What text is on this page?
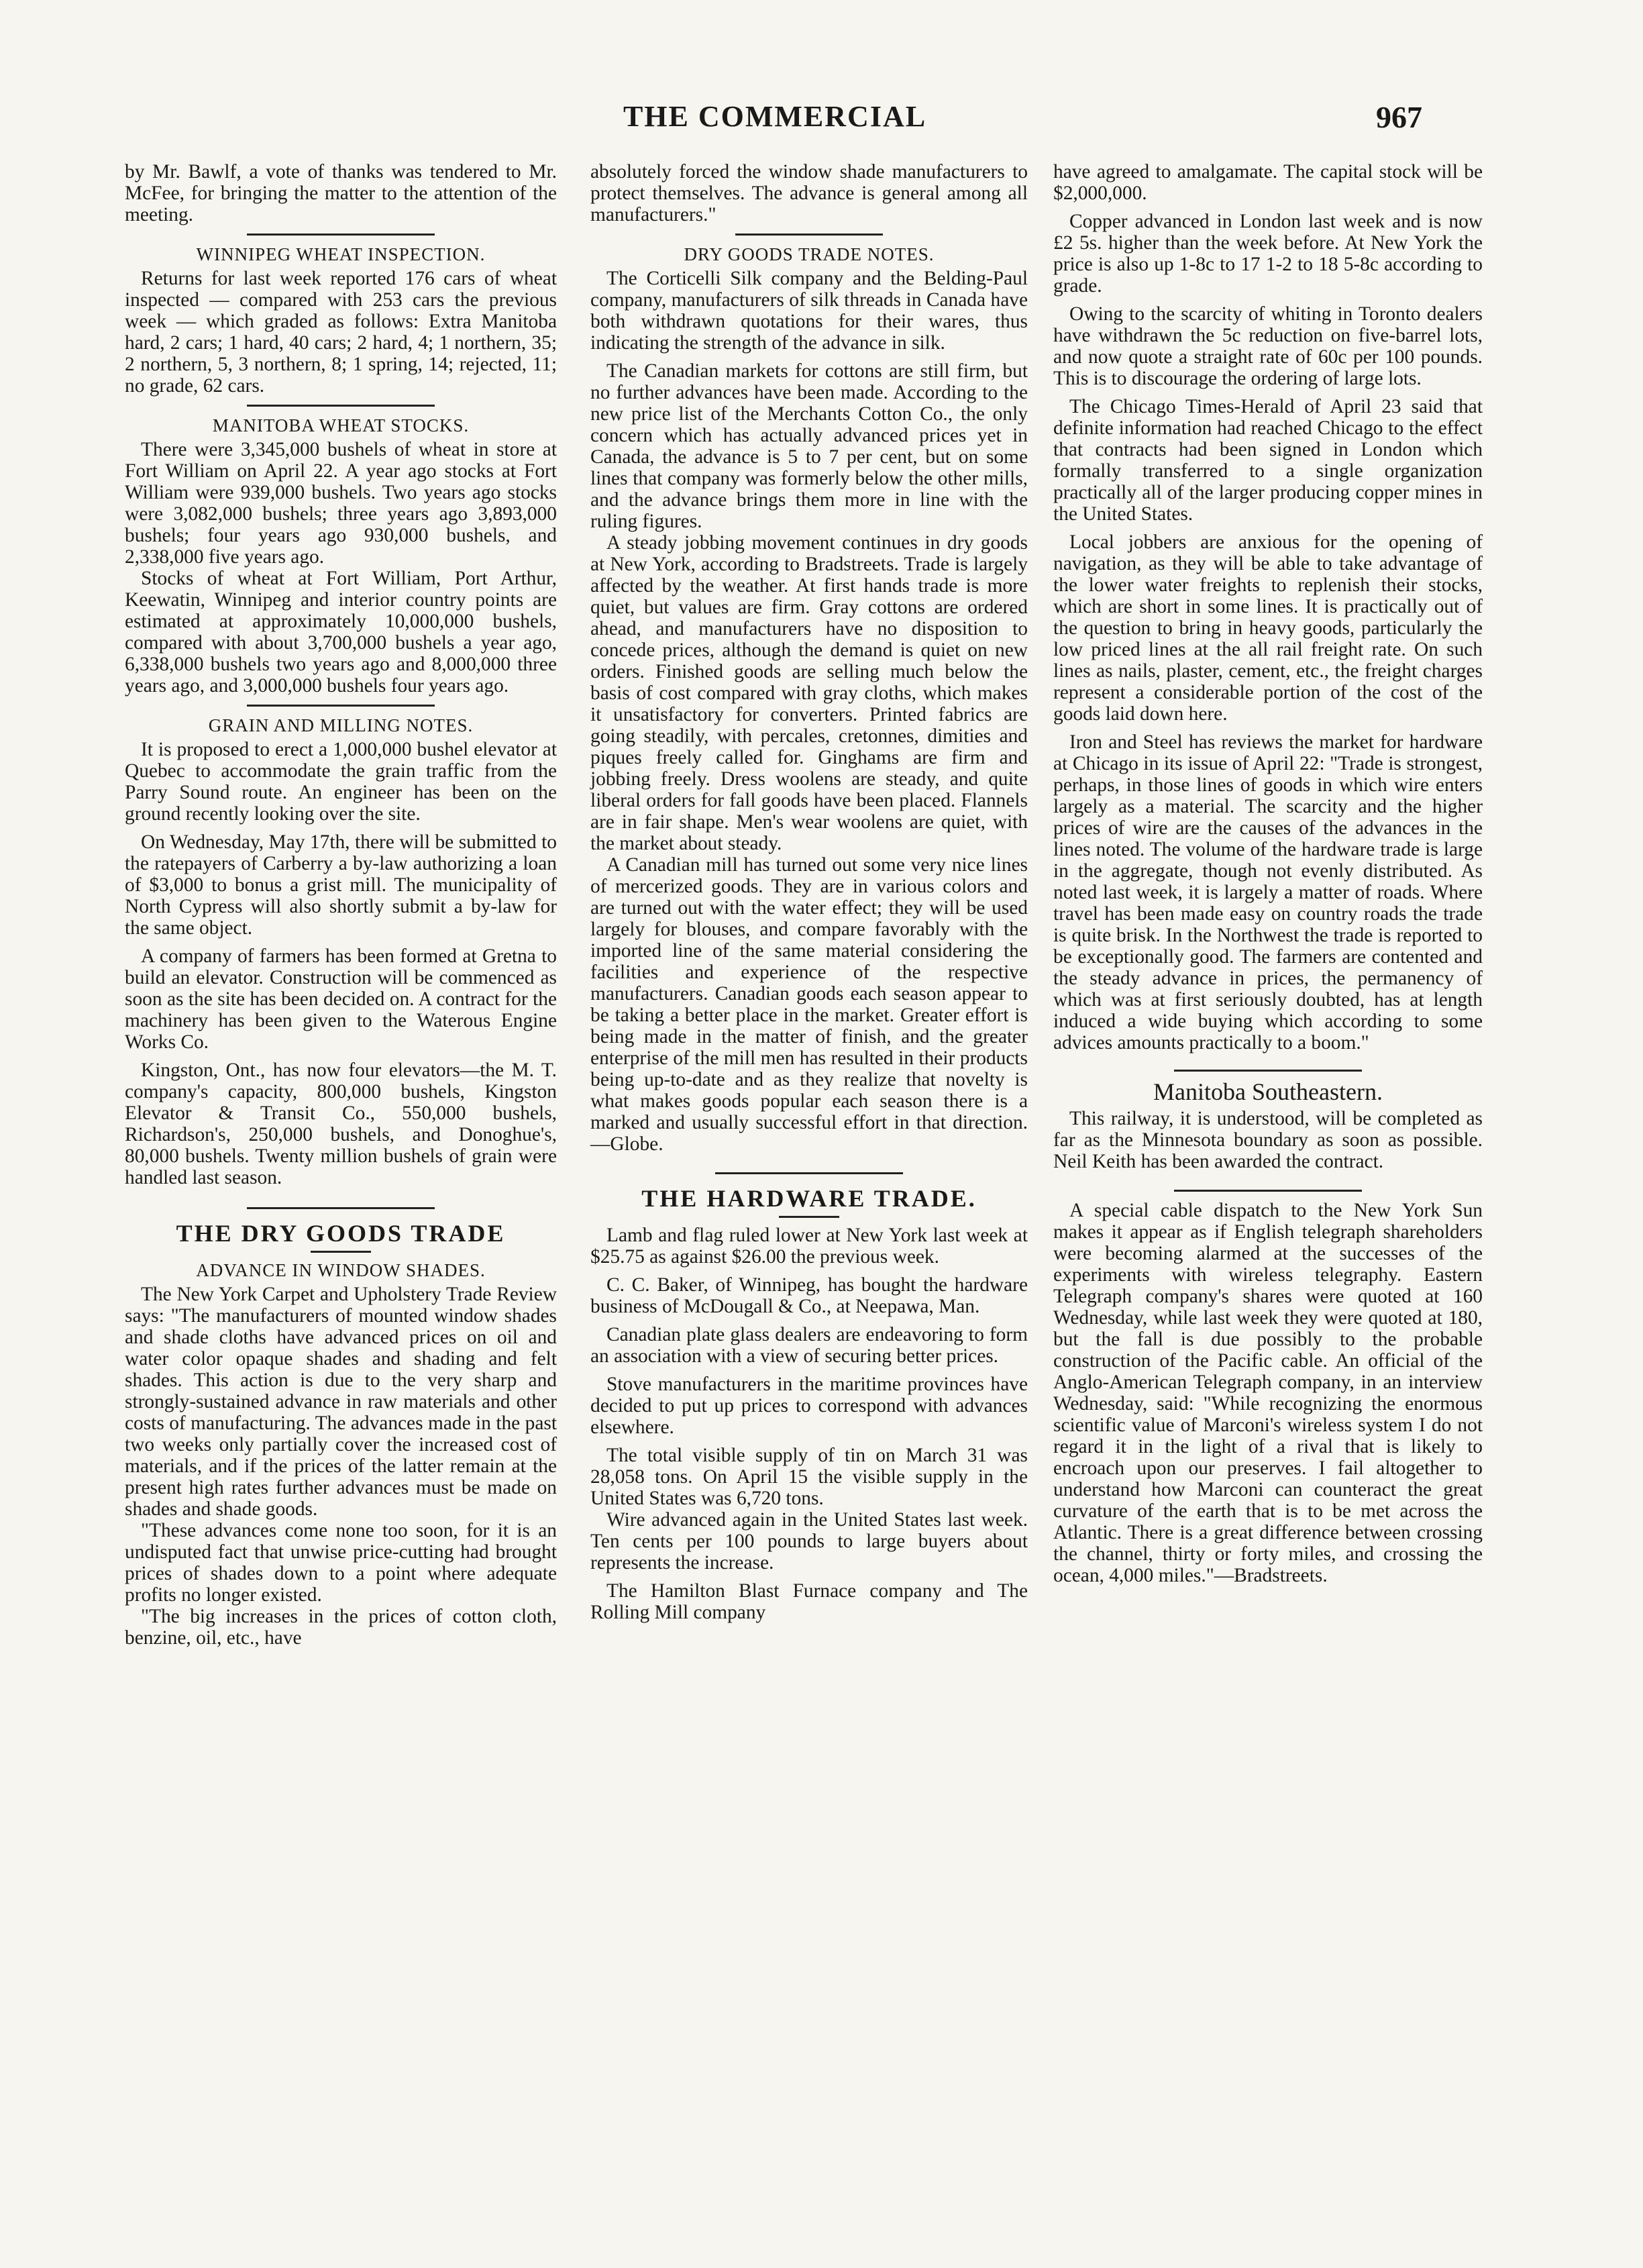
THE COMMERCIAL	967

by Mr. Bawlf, a vote of thanks was tendered to Mr. McFee, for bringing the matter to the attention of the meeting.

WINNIPEG WHEAT INSPECTION.

Returns for last week reported 176 cars of wheat inspected — compared with 253 cars the previous week — which graded as follows: Extra Manitoba hard, 2 cars; 1 hard, 40 cars; 2 hard, 4; 1 northern, 35; 2 northern, 5, 3 northern, 8; 1 spring, 14; rejected, 11; no grade, 62 cars.

MANITOBA WHEAT STOCKS.

There were 3,345,000 bushels of wheat in store at Fort William on April 22. A year ago stocks at Fort William were 939,000 bushels. Two years ago stocks were 3,082,000 bushels; three years ago 3,893,000 bushels; four years ago 930,000 bushels, and 2,338,000 five years ago.

Stocks of wheat at Fort William, Port Arthur, Keewatin, Winnipeg and interior country points are estimated at approximately 10,000,000 bushels, compared with about 3,700,000 bushels a year ago, 6,338,000 bushels two years ago and 8,000,000 three years ago, and 3,000,000 bushels four years ago.

GRAIN AND MILLING NOTES.

It is proposed to erect a 1,000,000 bushel elevator at Quebec to accommodate the grain traffic from the Parry Sound route. An engineer has been on the ground recently looking over the site.

On Wednesday, May 17th, there will be submitted to the ratepayers of Carberry a by-law authorizing a loan of $3,000 to bonus a grist mill. The municipality of North Cypress will also shortly submit a by-law for the same object.

A company of farmers has been formed at Gretna to build an elevator. Construction will be commenced as soon as the site has been decided on. A contract for the machinery has been given to the Waterous Engine Works Co.

Kingston, Ont., has now four elevators—the M. T. company's capacity, 800,000 bushels, Kingston Elevator & Transit Co., 550,000 bushels, Richardson's, 250,000 bushels, and Donoghue's, 80,000 bushels. Twenty million bushels of grain were handled last season.

THE DRY GOODS TRADE
ADVANCE IN WINDOW SHADES.

The New York Carpet and Upholstery Trade Review says: "The manufacturers of mounted window shades and shade cloths have advanced prices on oil and water color opaque shades and shading and felt shades. This action is due to the very sharp and strongly-sustained advance in raw materials and other costs of manufacturing. The advances made in the past two weeks only partially cover the increased cost of materials, and if the prices of the latter remain at the present high rates further advances must be made on shades and shade goods.

"These advances come none too soon, for it is an undisputed fact that unwise price-cutting had brought prices of shades down to a point where adequate profits no longer existed.

"The big increases in the prices of cotton cloth, benzine, oil, etc., have

absolutely forced the window shade manufacturers to protect themselves. The advance is general among all manufacturers."

DRY GOODS TRADE NOTES.

The Corticelli Silk company and the Belding-Paul company, manufacturers of silk threads in Canada have both withdrawn quotations for their wares, thus indicating the strength of the advance in silk.

The Canadian markets for cottons are still firm, but no further advances have been made. According to the new price list of the Merchants Cotton Co., the only concern which has actually advanced prices yet in Canada, the advance is 5 to 7 per cent, but on some lines that company was formerly below the other mills, and the advance brings them more in line with the ruling figures.

A steady jobbing movement continues in dry goods at New York, according to Bradstreets. Trade is largely affected by the weather. At first hands trade is more quiet, but values are firm. Gray cottons are ordered ahead, and manufacturers have no disposition to concede prices, although the demand is quiet on new orders. Finished goods are selling much below the basis of cost compared with gray cloths, which makes it unsatisfactory for converters. Printed fabrics are going steadily, with percales, cretonnes, dimities and piques freely called for. Ginghams are firm and jobbing freely. Dress woolens are steady, and quite liberal orders for fall goods have been placed. Flannels are in fair shape. Men's wear woolens are quiet, with the market about steady.

A Canadian mill has turned out some very nice lines of mercerized goods. They are in various colors and are turned out with the water effect; they will be used largely for blouses, and compare favorably with the imported line of the same material considering the facilities and experience of the respective manufacturers. Canadian goods each season appear to be taking a better place in the market. Greater effort is being made in the matter of finish, and the greater enterprise of the mill men has resulted in their products being up-to-date and as they realize that novelty is what makes goods popular each season there is a marked and usually successful effort in that direction.—Globe.

THE HARDWARE TRADE.

Lamb and flag ruled lower at New York last week at $25.75 as against $26.00 the previous week.

C. C. Baker, of Winnipeg, has bought the hardware business of McDougall & Co., at Neepawa, Man.

Canadian plate glass dealers are endeavoring to form an association with a view of securing better prices.

Stove manufacturers in the maritime provinces have decided to put up prices to correspond with advances elsewhere.

The total visible supply of tin on March 31 was 28,058 tons. On April 15 the visible supply in the United States was 6,720 tons.

Wire advanced again in the United States last week. Ten cents per 100 pounds to large buyers about represents the increase.

The Hamilton Blast Furnace company and The Rolling Mill company

have agreed to amalgamate. The capital stock will be $2,000,000.

Copper advanced in London last week and is now £2 5s. higher than the week before. At New York the price is also up 1-8c to 17 1-2 to 18 5-8c according to grade.

Owing to the scarcity of whiting in Toronto dealers have withdrawn the 5c reduction on five-barrel lots, and now quote a straight rate of 60c per 100 pounds. This is to discourage the ordering of large lots.

The Chicago Times-Herald of April 23 said that definite information had reached Chicago to the effect that contracts had been signed in London which formally transferred to a single organization practically all of the larger producing copper mines in the United States.

Local jobbers are anxious for the opening of navigation, as they will be able to take advantage of the lower water freights to replenish their stocks, which are short in some lines. It is practically out of the question to bring in heavy goods, particularly the low priced lines at the all rail freight rate. On such lines as nails, plaster, cement, etc., the freight charges represent a considerable portion of the cost of the goods laid down here.

Iron and Steel has reviews the market for hardware at Chicago in its issue of April 22: "Trade is strongest, perhaps, in those lines of goods in which wire enters largely as a material. The scarcity and the higher prices of wire are the causes of the advances in the lines noted. The volume of the hardware trade is large in the aggregate, though not evenly distributed. As noted last week, it is largely a matter of roads. Where travel has been made easy on country roads the trade is quite brisk. In the Northwest the trade is reported to be exceptionally good. The farmers are contented and the steady advance in prices, the permanency of which was at first seriously doubted, has at length induced a wide buying which according to some advices amounts practically to a boom."

Manitoba Southeastern.

This railway, it is understood, will be completed as far as the Minnesota boundary as soon as possible. Neil Keith has been awarded the contract.

A special cable dispatch to the New York Sun makes it appear as if English telegraph shareholders were becoming alarmed at the successes of the experiments with wireless telegraphy. Eastern Telegraph company's shares were quoted at 160 Wednesday, while last week they were quoted at 180, but the fall is due possibly to the probable construction of the Pacific cable. An official of the Anglo-American Telegraph company, in an interview Wednesday, said: "While recognizing the enormous scientific value of Marconi's wireless system I do not regard it in the light of a rival that is likely to encroach upon our preserves. I fail altogether to understand how Marconi can counteract the great curvature of the earth that is to be met across the Atlantic. There is a great difference between crossing the channel, thirty or forty miles, and crossing the ocean, 4,000 miles."—Bradstreets.
